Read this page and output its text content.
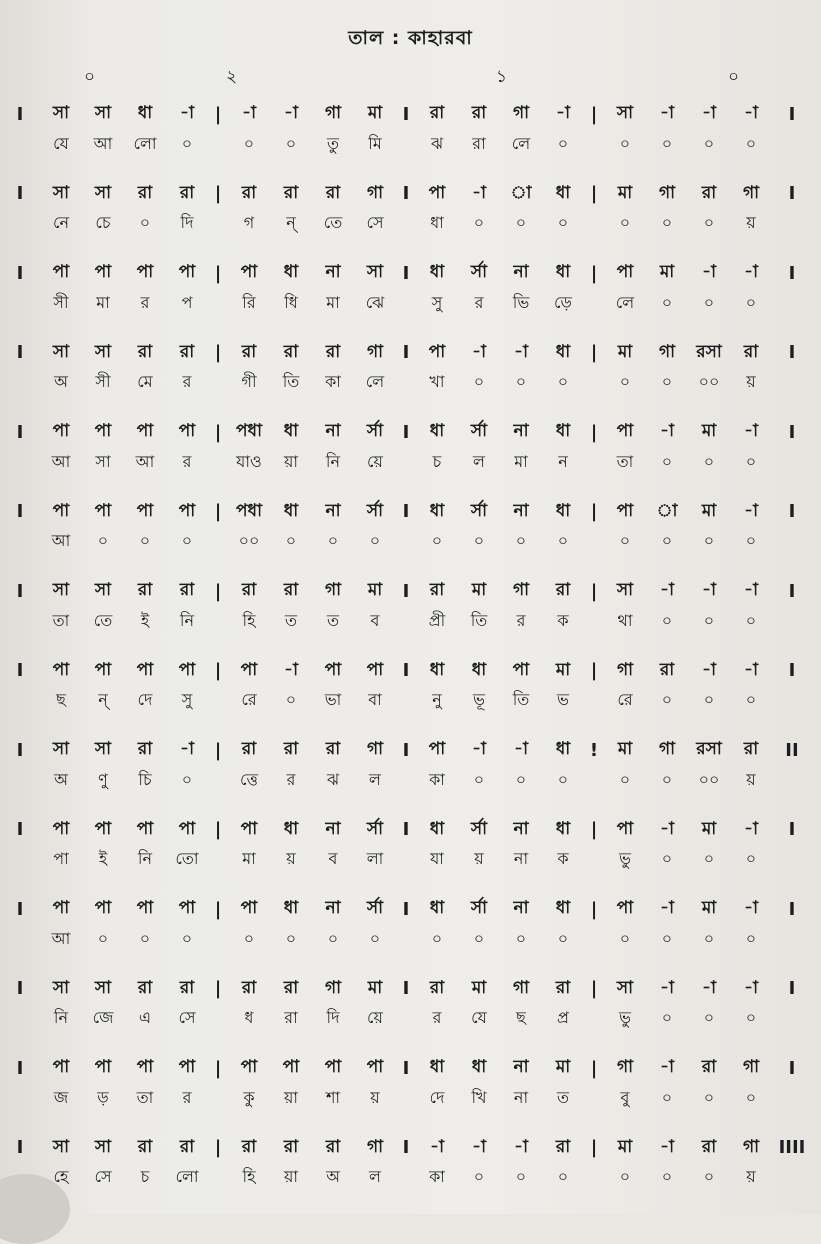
তাল : কাহারবা
০	২	১	০
I	সা	সা	ধা	-া	|	-া	-া	গা	মা	I	রা	রা	গা	-া	|	সা	-া	-া	-া	I
যে	আ	লো	০	০	০	তু	মি	ঝ	রা	লে	০	০	০	০	০
I	সা	সা	রা	রা	|	রা	রা	রা	গা	I	পা	-া	া	ধা	|	মা	গা	রা	গা	I
নে	চে	০	দি	গ	ন্	তে	সে	ধা	০	০	০	০	০	০	য়
I	পা	পা	পা	পা	|	পা	ধা	না	সা	I	ধা	র্সা	না	ধা	|	পা	মা	-া	-া	I
সী	মা	র	প	রি	ধি	মা	ঝে	সু	র	ভি	ড়ে	লে	০	০	০
I	সা	সা	রা	রা	|	রা	রা	রা	গা	I	পা	-া	-া	ধা	|	মা	গা	রসা	রা	I
অ	সী	মে	র	গী	তি	কা	লে	খা	০	০	০	০	০	০০	য়
I	পা	পা	পা	পা	| পধা	ধা	না	র্সা	I	ধা	র্সা	না	ধা	|	পা	-া	মা	-া	I
আ	সা	আ	র	যাও	য়া	নি	য়ে	চ	ল	মা	ন	তা	০	০	০
I	পা	পা	পা	পা	| পধা	ধা	না	র্সা	I	ধা	র্সা	না	ধা	|	পা	া	মা	-া	I
আ	০	০	০	০০	০	০	০	০	০	০	০	০	০	০	০
I	সা	সা	রা	রা	|	রা	রা	গা	মা	I	রা	মা	গা	রা	|	সা	-া	-া	-া	I
তা	তে	ই	নি	হি	ত	ত	ব	প্রী	তি	র	ক	থা	০	০	০
I	পা	পা	পা	পা	|	পা	-া	পা	পা	I	ধা	ধা	পা	মা	|	গা	রা	-া	-া	I
ছ	ন্	দে	সু	রে	০	ভা	বা	নু	ভূ	তি	ভ	রে	০	০	০
I	সা	সা	রা	-া	|	রা	রা	রা	গা	I	পা	-া	-া	ধা	!	মা	গা	রসা	রা	II
অ	ণু	চি	০	ত্তে	র	ঝ	ল	কা	০	০	০	০	০	০০	য়
I	পা	পা	পা	পা	|	পা	ধা	না	র্সা	I	ধা	র্সা	না	ধা	|	পা	-া	মা	-া	I
পা	ই	নি	তো	মা	য়	ব	লা	যা	য়	না	ক	ভু	০	০	০
I	পা	পা	পা	পা	|	পা	ধা	না	র্সা	I	ধা	র্সা	না	ধা	|	পা	-া	মা	-া	I
আ	০	০	০	০	০	০	০	০	০	০	০	০	০	০	০
I	সা	সা	রা	রা	|	রা	রা	গা	মা	I	রা	মা	গা	রা	|	সা	-া	-া	-া	I
নি	জে	এ	সে	ধ	রা	দি	য়ে	র	যে	ছ	প্র	ভু	০	০	০
I	পা	পা	পা	পা	|	পা	পা	পা	পা	I	ধা	ধা	না	মা	|	গা	-া	রা	গা	I
জ	ড়	তা	র	কু	য়া	শা	য়	দে	খি	না	ত	বু	০	০	০
I	সা	সা	রা	রা	|	রা	রা	রা	গা	I	-া	-া	-া	রা	|	মা	-া	রা	গা	IIII
হে	সে	চ	লো	হি	য়া	অ	ল	কা	০	০	০	০	০	০	য়
